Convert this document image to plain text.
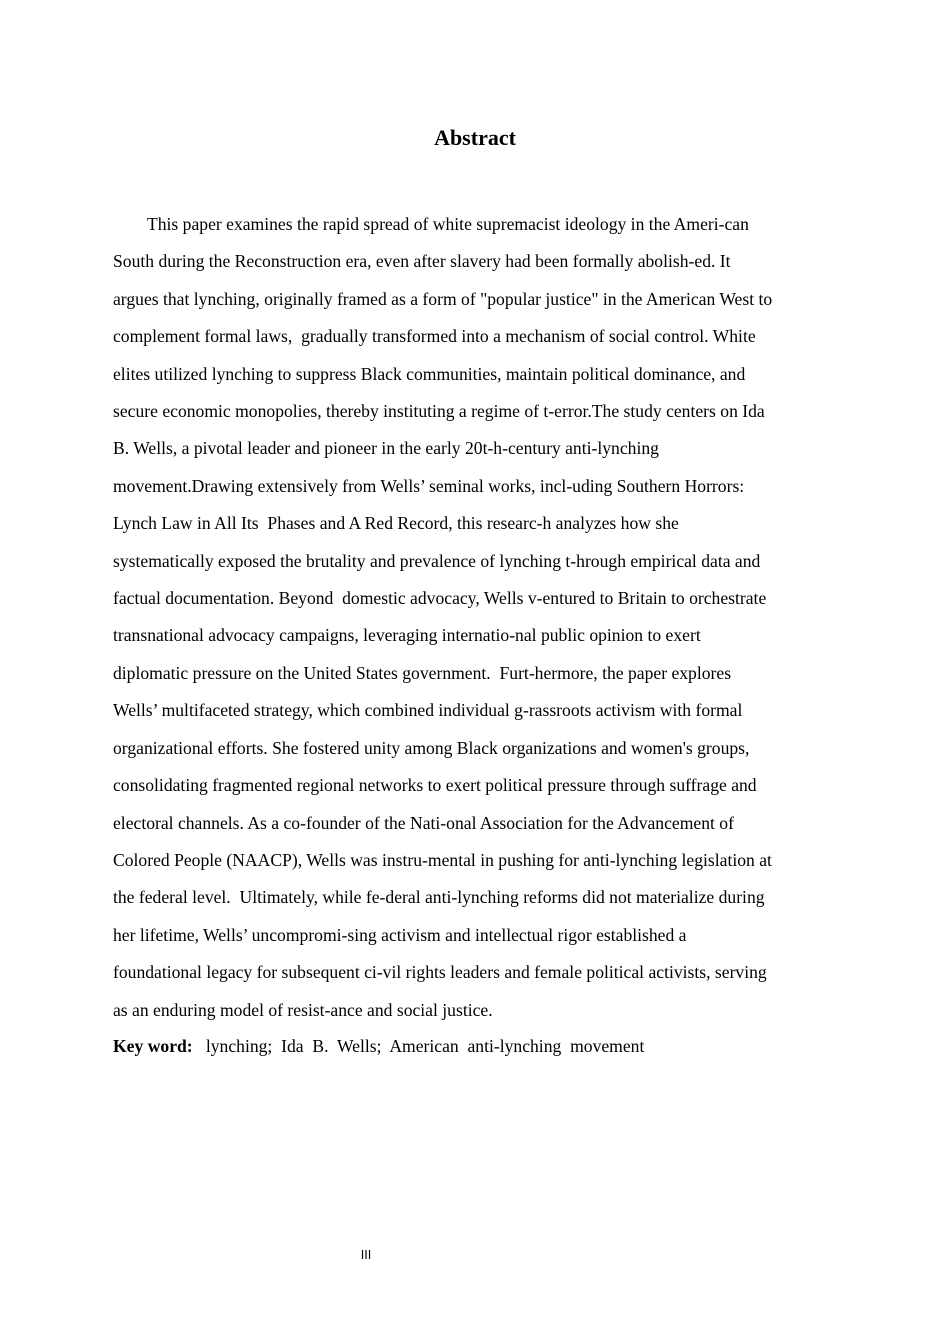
Abstract
This paper examines the rapid spread of white supremacist ideology in the Ameri-can
South during the Reconstruction era, even after slavery had been formally abolish-ed. It
argues that lynching, originally framed as a form of "popular justice" in the American West to
complement formal laws,  gradually transformed into a mechanism of social control. White
elites utilized lynching to suppress Black communities, maintain political dominance, and
secure economic monopolies, thereby instituting a regime of t-error.The study centers on Ida
B. Wells, a pivotal leader and pioneer in the early 20t-h-century anti-lynching
movement.Drawing extensively from Wells’ seminal works, incl-uding Southern Horrors:
Lynch Law in All Its  Phases and A Red Record, this researc-h analyzes how she
systematically exposed the brutality and prevalence of lynching t-hrough empirical data and
factual documentation. Beyond  domestic advocacy, Wells v-entured to Britain to orchestrate
transnational advocacy campaigns, leveraging internatio-nal public opinion to exert
diplomatic pressure on the United States government.  Furt-hermore, the paper explores
Wells’ multifaceted strategy, which combined individual g-rassroots activism with formal
organizational efforts. She fostered unity among Black organizations and women's groups,
consolidating fragmented regional networks to exert political pressure through suffrage and
electoral channels. As a co-founder of the Nati-onal Association for the Advancement of
Colored People (NAACP), Wells was instru-mental in pushing for anti-lynching legislation at
the federal level.  Ultimately, while fe-deral anti-lynching reforms did not materialize during
her lifetime, Wells’ uncompromi-sing activism and intellectual rigor established a
foundational legacy for subsequent ci-vil rights leaders and female political activists, serving
as an enduring model of resist-ance and social justice.
Key word:   lynching;  Ida  B.  Wells;  American  anti-lynching  movement
III
